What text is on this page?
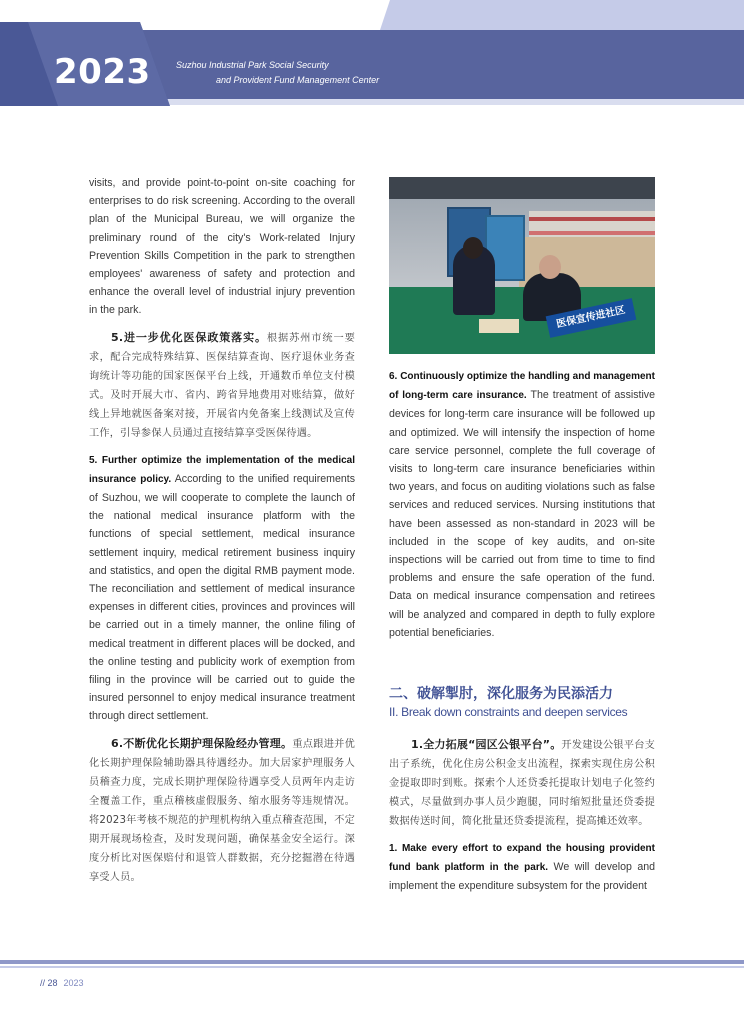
2023	Suzhou Industrial Park Social Security
and Provident Fund Management Center

visits, and provide point-to-point on-site coaching for enterprises to do risk screening. According to the overall plan of the Municipal Bureau, we will organize the preliminary round of the city's Work-related Injury Prevention Skills Competition in the park to strengthen employees' awareness of safety and protection and enhance the overall level of industrial injury prevention in the park.

5.进一步优化医保政策落实。根据苏州市统一要求，配合完成特殊结算、医保结算查询、医疗退休业务查询统计等功能的国家医保平台上线，开通数币单位支付模式。及时开展大市、省内、跨省异地费用对账结算，做好线上异地就医备案对接，开展省内免备案上线测试及宣传工作，引导参保人员通过直接结算享受医保待遇。

5. Further optimize the implementation of the medical insurance policy. According to the unified requirements of Suzhou, we will cooperate to complete the launch of the national medical insurance platform with the functions of special settlement, medical insurance settlement inquiry, medical retirement business inquiry and statistics, and open the digital RMB payment mode. The reconciliation and settlement of medical insurance expenses in different cities, provinces and provinces will be carried out in a timely manner, the online filing of medical treatment in different places will be docked, and the online testing and publicity work of exemption from filing in the province will be carried out to guide the insured personnel to enjoy medical insurance treatment through direct settlement.

6.不断优化长期护理保险经办管理。重点跟进并优化长期护理保险辅助器具待遇经办。加大居家护理服务人员稽查力度，完成长期护理保险待遇享受人员两年内走访全覆盖工作，重点稽核虚假服务、缩水服务等违规情况。将2023年考核不规范的护理机构纳入重点稽查范围，不定期开展现场检查，及时发现问题，确保基金安全运行。深度分析比对医保赔付和退管人群数据，充分挖掘潜在待遇享受人员。

医保宣传进社区

6. Continuously optimize the handling and management of long-term care insurance. The treatment of assistive devices for long-term care insurance will be followed up and optimized. We will intensify the inspection of home care service personnel, complete the full coverage of visits to long-term care insurance beneficiaries within two years, and focus on auditing violations such as false services and reduced services. Nursing institutions that have been assessed as non-standard in 2023 will be included in the scope of key audits, and on-site inspections will be carried out from time to time to find problems and ensure the safe operation of the fund. Data on medical insurance compensation and retirees will be analyzed and compared in depth to fully explore potential beneficiaries.

二、破解掣肘，深化服务为民添活力
II. Break down constraints and deepen services

1.全力拓展“园区公银平台”。开发建设公银平台支出子系统，优化住房公积金支出流程，探索实现住房公积金提取即时到账。探索个人还贷委托提取计划电子化签约模式，尽量做到办事人员少跑腿，同时缩短批量还贷委提数据传送时间，简化批量还贷委提流程，提高摊还效率。

1. Make every effort to expand the housing provident fund bank platform in the park. We will develop and implement the expenditure subsystem for the provident

// 28 2023
